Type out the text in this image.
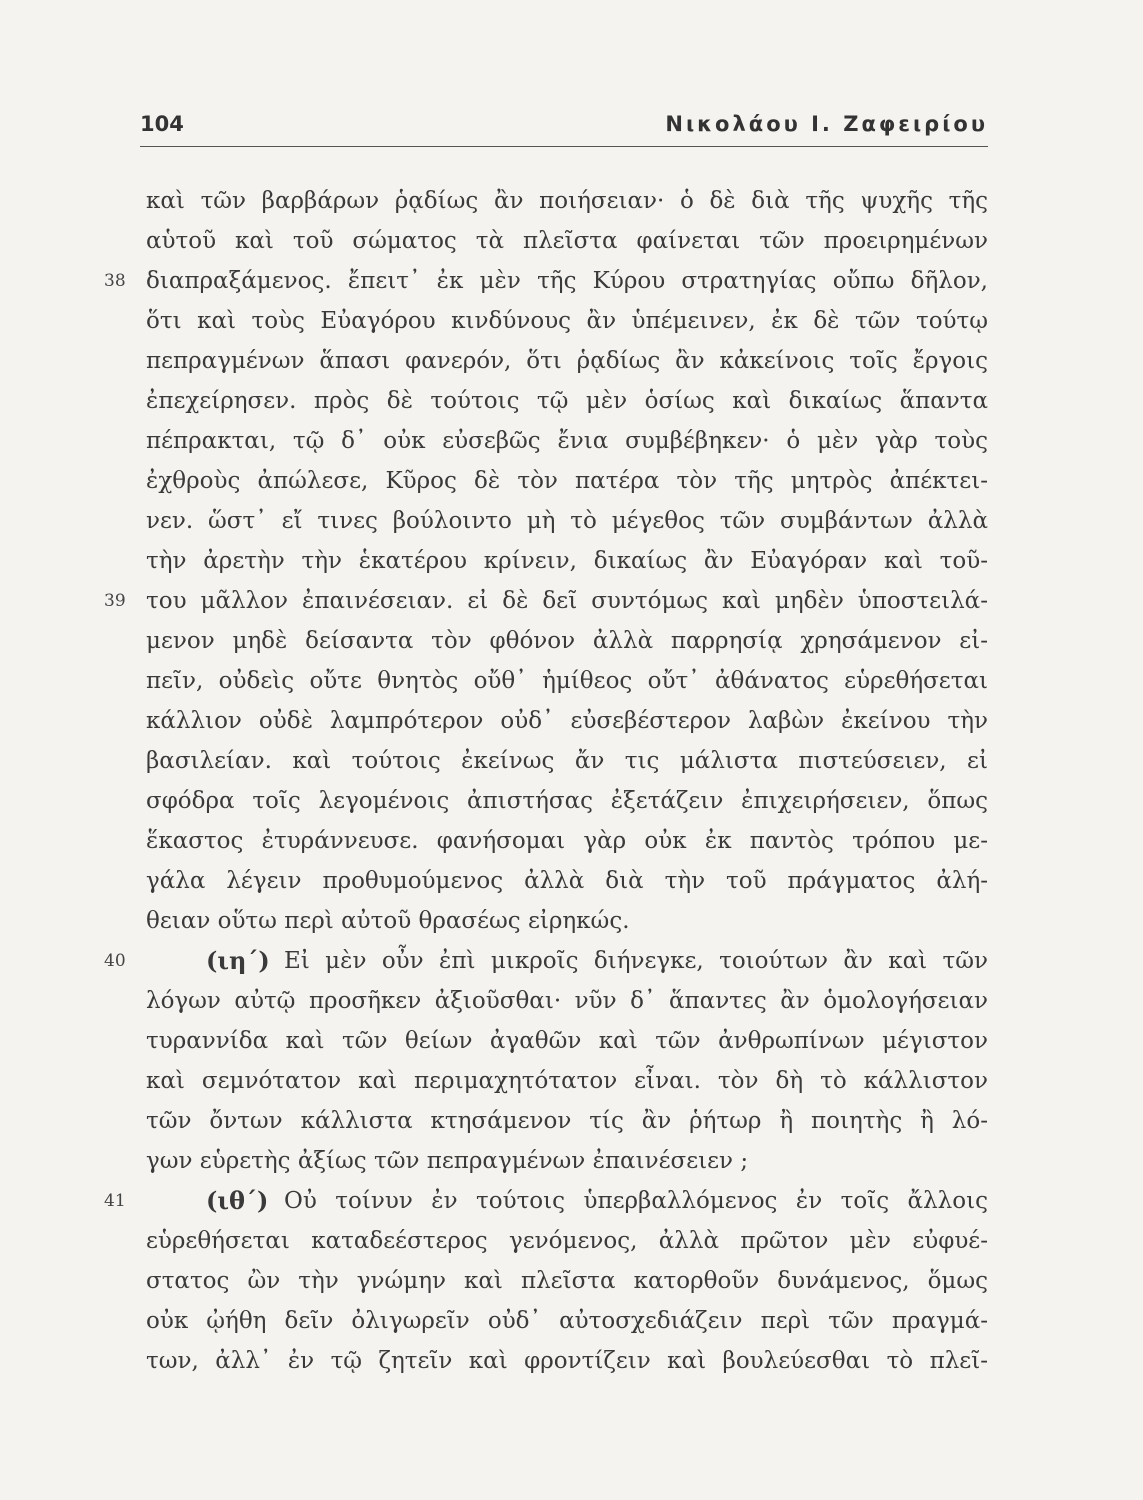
104	Νικολάου Ι. Ζαφειρίου
καὶ τῶν βαρβάρων ῥᾳδίως ἂν ποιήσειαν· ὁ δὲ διὰ τῆς ψυχῆς τῆς
αὑτοῦ καὶ τοῦ σώματος τὰ πλεῖστα φαίνεται τῶν προειρημένων
38 διαπραξάμενος. ἔπειτ᾽ ἐκ μὲν τῆς Κύρου στρατηγίας οὔπω δῆλον,
ὅτι καὶ τοὺς Εὐαγόρου κινδύνους ἂν ὑπέμεινεν, ἐκ δὲ τῶν τούτῳ
πεπραγμένων ἅπασι φανερόν, ὅτι ῥᾳδίως ἂν κἀκείνοις τοῖς ἔργοις
ἐπεχείρησεν. πρὸς δὲ τούτοις τῷ μὲν ὁσίως καὶ δικαίως ἅπαντα
πέπρακται, τῷ δ᾽ οὐκ εὐσεβῶς ἔνια συμβέβηκεν· ὁ μὲν γὰρ τοὺς
ἐχθροὺς ἀπώλεσε, Κῦρος δὲ τὸν πατέρα τὸν τῆς μητρὸς ἀπέκτει-
νεν. ὥστ᾽ εἴ τινες βούλοιντο μὴ τὸ μέγεθος τῶν συμβάντων ἀλλὰ
τὴν ἀρετὴν τὴν ἑκατέρου κρίνειν, δικαίως ἂν Εὐαγόραν καὶ τοῦ-
39 του μᾶλλον ἐπαινέσειαν. εἰ δὲ δεῖ συντόμως καὶ μηδὲν ὑποστειλά-
μενον μηδὲ δείσαντα τὸν φθόνον ἀλλὰ παρρησίᾳ χρησάμενον εἰ-
πεῖν, οὐδεὶς οὔτε θνητὸς οὔθ᾽ ἡμίθεος οὔτ᾽ ἀθάνατος εὑρεθήσεται
κάλλιον οὐδὲ λαμπρότερον οὐδ᾽ εὐσεβέστερον λαβὼν ἐκείνου τὴν
βασιλείαν. καὶ τούτοις ἐκείνως ἄν τις μάλιστα πιστεύσειεν, εἰ
σφόδρα τοῖς λεγομένοις ἀπιστήσας ἐξετάζειν ἐπιχειρήσειεν, ὅπως
ἕκαστος ἐτυράννευσε. φανήσομαι γὰρ οὐκ ἐκ παντὸς τρόπου με-
γάλα λέγειν προθυμούμενος ἀλλὰ διὰ τὴν τοῦ πράγματος ἀλή-
θειαν οὕτω περὶ αὐτοῦ θρασέως εἰρηκώς.
40	(ιη΄) Εἰ μὲν οὖν ἐπὶ μικροῖς διήνεγκε, τοιούτων ἂν καὶ τῶν
λόγων αὐτῷ προσῆκεν ἀξιοῦσθαι· νῦν δ᾽ ἅπαντες ἂν ὁμολογήσειαν
τυραννίδα καὶ τῶν θείων ἀγαθῶν καὶ τῶν ἀνθρωπίνων μέγιστον
καὶ σεμνότατον καὶ περιμαχητότατον εἶναι. τὸν δὴ τὸ κάλλιστον
τῶν ὄντων κάλλιστα κτησάμενον τίς ἂν ῥήτωρ ἢ ποιητὴς ἢ λό-
γων εὑρετὴς ἀξίως τῶν πεπραγμένων ἐπαινέσειεν ;
41	(ιθ΄) Οὐ τοίνυν ἐν τούτοις ὑπερβαλλόμενος ἐν τοῖς ἄλλοις
εὑρεθήσεται καταδεέστερος γενόμενος, ἀλλὰ πρῶτον μὲν εὐφυέ-
στατος ὢν τὴν γνώμην καὶ πλεῖστα κατορθοῦν δυνάμενος, ὅμως
οὐκ ᾠήθη δεῖν ὀλιγωρεῖν οὐδ᾽ αὐτοσχεδιάζειν περὶ τῶν πραγμά-
των, ἀλλ᾽ ἐν τῷ ζητεῖν καὶ φροντίζειν καὶ βουλεύεσθαι τὸ πλεῖ-
